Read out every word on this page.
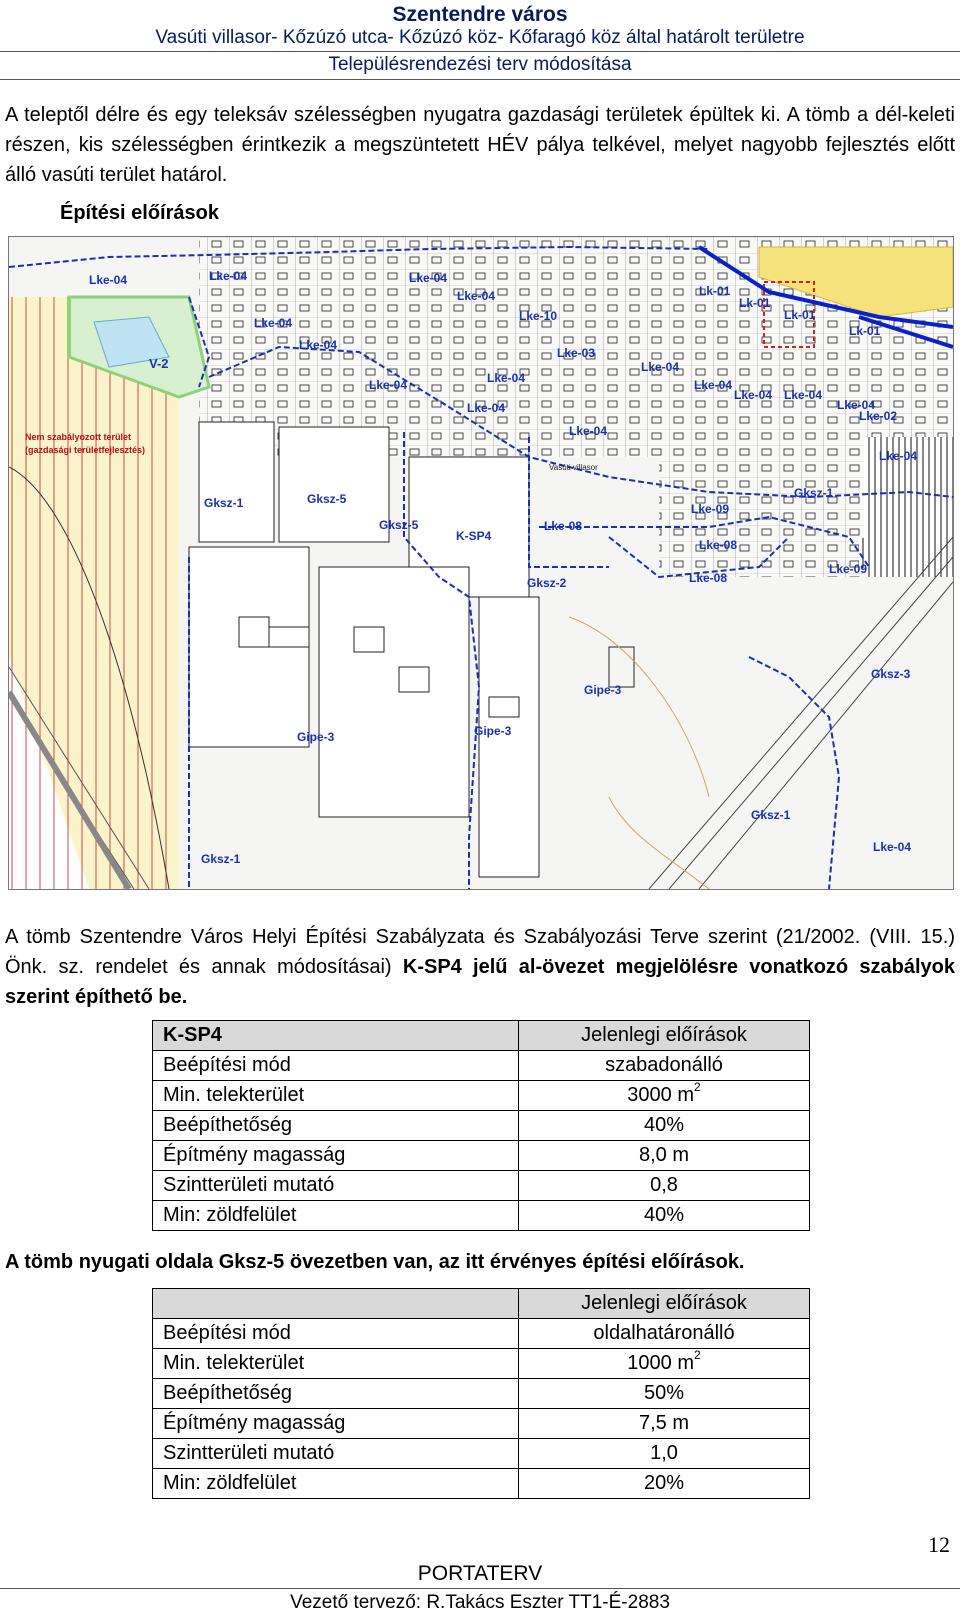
Szentendre város
Vasúti villasor- Kőzúzó utca- Kőzúzó köz- Kőfaragó köz által határolt területre
Településrendezési terv módosítása
A teleptől délre és egy teleksáv szélességben nyugatra gazdasági területek épültek ki. A tömb a dél-keleti részen, kis szélességben érintkezik a megszüntetett HÉV pálya telkével, melyet nagyobb fejlesztés előtt álló vasúti terület határol.
Építési előírások
Lke-04	Lke-04
Lke-04
Lke-04
Lke-04
Lke-04
Lke-10
Lke-03
Lke-04	Lke-04
Lke-04
Lke-04
Lke-04
Lke-04
Lke-04 Lke-04
Lke-04
Lk-01
Lk-01
Lk-01
Lk-01
Lke-02
Lke-04
Lke-08
Lke-09
Lke-08
Lke-08
Lke-09
Lke-04
V-2
Gksz-1	Gksz-5
Gksz-5
K-SP4
Gksz-2
Gksz-1
Gksz-3
Gksz-1
Gksz-1
Gipe-3
Gipe-3	Gipe-3
Nem szabályozott terület
(gazdasági területfejlesztés)
Vasúti villasor
A tömb Szentendre Város Helyi Építési Szabályzata és Szabályozási Terve szerint (21/2002. (VIII. 15.) Önk. sz. rendelet és annak módosításai) K-SP4 jelű al-övezet megjelölésre vonatkozó szabályok szerint építhető be.
K-SP4	Jelenlegi előírások
Beépítési mód	szabadonálló
Min. telekterület	3000 $m^2$
Beépíthetőség	40%
Építmény magasság	8,0 m
Szintterületi mutató	0,8
Min: zöldfelület	40%
A tömb nyugati oldala Gksz-5 övezetben van, az itt érvényes építési előírások.
	Jelenlegi előírások
Beépítési mód	oldalhatáronálló
Min. telekterület	1000 $m^2$
Beépíthetőség	50%
Építmény magasság	7,5 m
Szintterületi mutató	1,0
Min: zöldfelület	20%
12
PORTATERV
Vezető tervező: R.Takács Eszter TT1-É-2883
